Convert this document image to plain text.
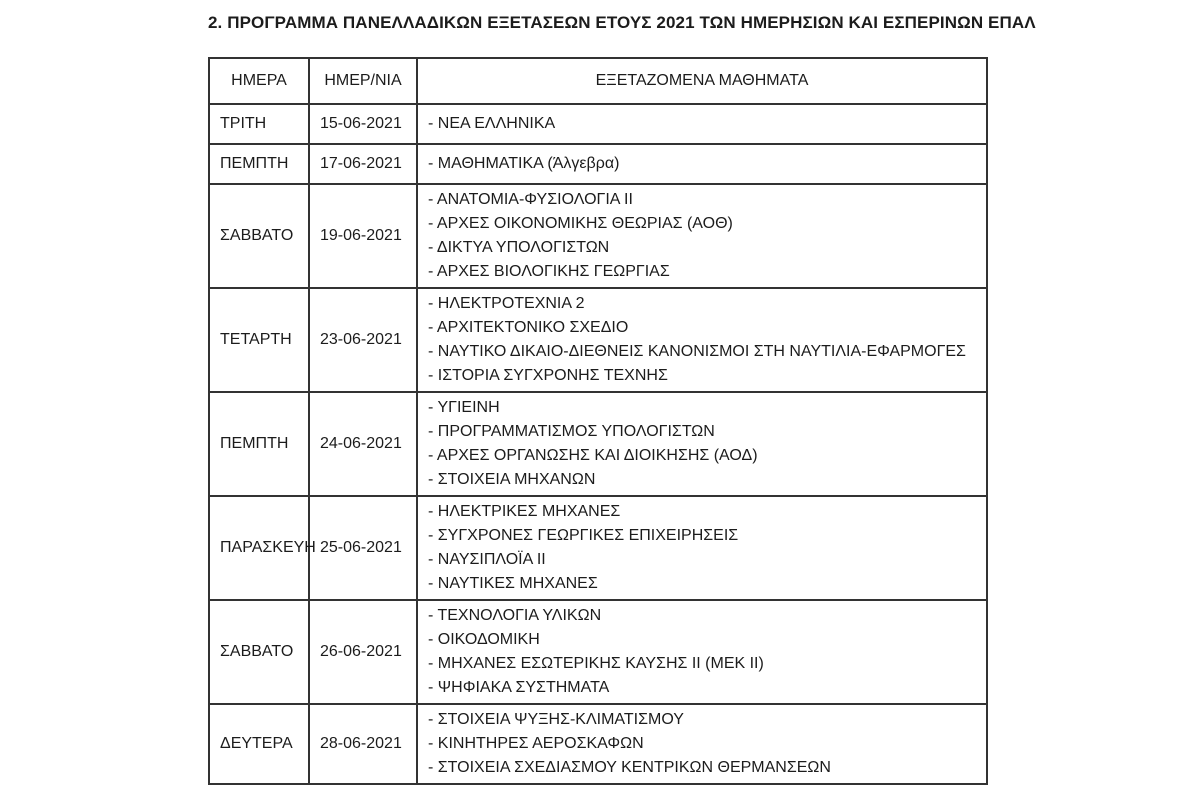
2. ΠΡΟΓΡΑΜΜΑ ΠΑΝΕΛΛΑΔΙΚΩΝ ΕΞΕΤΑΣΕΩΝ ΕΤΟΥΣ 2021 ΤΩΝ ΗΜΕΡΗΣΙΩΝ ΚΑΙ ΕΣΠΕΡΙΝΩΝ ΕΠΑΛ
ΗΜΕΡΑ	ΗΜΕΡ/ΝΙΑ	ΕΞΕΤΑΖΟΜΕΝΑ ΜΑΘΗΜΑΤΑ
ΤΡΙΤΗ	15-06-2021	- ΝΕΑ ΕΛΛΗΝΙΚΑ

ΠΕΜΠΤΗ	17-06-2021	- ΜΑΘΗΜΑΤΙΚΑ (Άλγεβρα)

ΣΑΒΒΑΤΟ	19-06-2021	- ΑΝΑΤΟΜΙΑ-ΦΥΣΙΟΛΟΓΙΑ ΙΙ
- ΑΡΧΕΣ ΟΙΚΟΝΟΜΙΚΗΣ ΘΕΩΡΙΑΣ (ΑΟΘ)
- ΔΙΚΤΥΑ ΥΠΟΛΟΓΙΣΤΩΝ
- ΑΡΧΕΣ ΒΙΟΛΟΓΙΚΗΣ ΓΕΩΡΓΙΑΣ

ΤΕΤΑΡΤΗ	23-06-2021	- ΗΛΕΚΤΡΟΤΕΧΝΙΑ 2
- ΑΡΧΙΤΕΚΤΟΝΙΚΟ ΣΧΕΔΙΟ
- ΝΑΥΤΙΚΟ ΔΙΚΑΙΟ-ΔΙΕΘΝΕΙΣ ΚΑΝΟΝΙΣΜΟΙ ΣΤΗ ΝΑΥΤΙΛΙΑ-ΕΦΑΡΜΟΓΕΣ
- ΙΣΤΟΡΙΑ ΣΥΓΧΡΟΝΗΣ ΤΕΧΝΗΣ

ΠΕΜΠΤΗ	24-06-2021	- ΥΓΙΕΙΝΗ
- ΠΡΟΓΡΑΜΜΑΤΙΣΜΟΣ ΥΠΟΛΟΓΙΣΤΩΝ
- ΑΡΧΕΣ ΟΡΓΑΝΩΣΗΣ ΚΑΙ ΔΙΟΙΚΗΣΗΣ (ΑΟΔ)
- ΣΤΟΙΧΕΙΑ ΜΗΧΑΝΩΝ

ΠΑΡΑΣΚΕΥΗ	25-06-2021	- ΗΛΕΚΤΡΙΚΕΣ ΜΗΧΑΝΕΣ
- ΣΥΓΧΡΟΝΕΣ ΓΕΩΡΓΙΚΕΣ ΕΠΙΧΕΙΡΗΣΕΙΣ
- ΝΑΥΣΙΠΛΟΪΑ ΙΙ
- ΝΑΥΤΙΚΕΣ ΜΗΧΑΝΕΣ

ΣΑΒΒΑΤΟ	26-06-2021	- ΤΕΧΝΟΛΟΓΙΑ ΥΛΙΚΩΝ
- ΟΙΚΟΔΟΜΙΚΗ
- ΜΗΧΑΝΕΣ ΕΣΩΤΕΡΙΚΗΣ ΚΑΥΣΗΣ ΙΙ (ΜΕΚ ΙΙ)
- ΨΗΦΙΑΚΑ ΣΥΣΤΗΜΑΤΑ

ΔΕΥΤΕΡΑ	28-06-2021	- ΣΤΟΙΧΕΙΑ ΨΥΞΗΣ-ΚΛΙΜΑΤΙΣΜΟΥ
- ΚΙΝΗΤΗΡΕΣ ΑΕΡΟΣΚΑΦΩΝ
- ΣΤΟΙΧΕΙΑ ΣΧΕΔΙΑΣΜΟΥ ΚΕΝΤΡΙΚΩΝ ΘΕΡΜΑΝΣΕΩΝ
